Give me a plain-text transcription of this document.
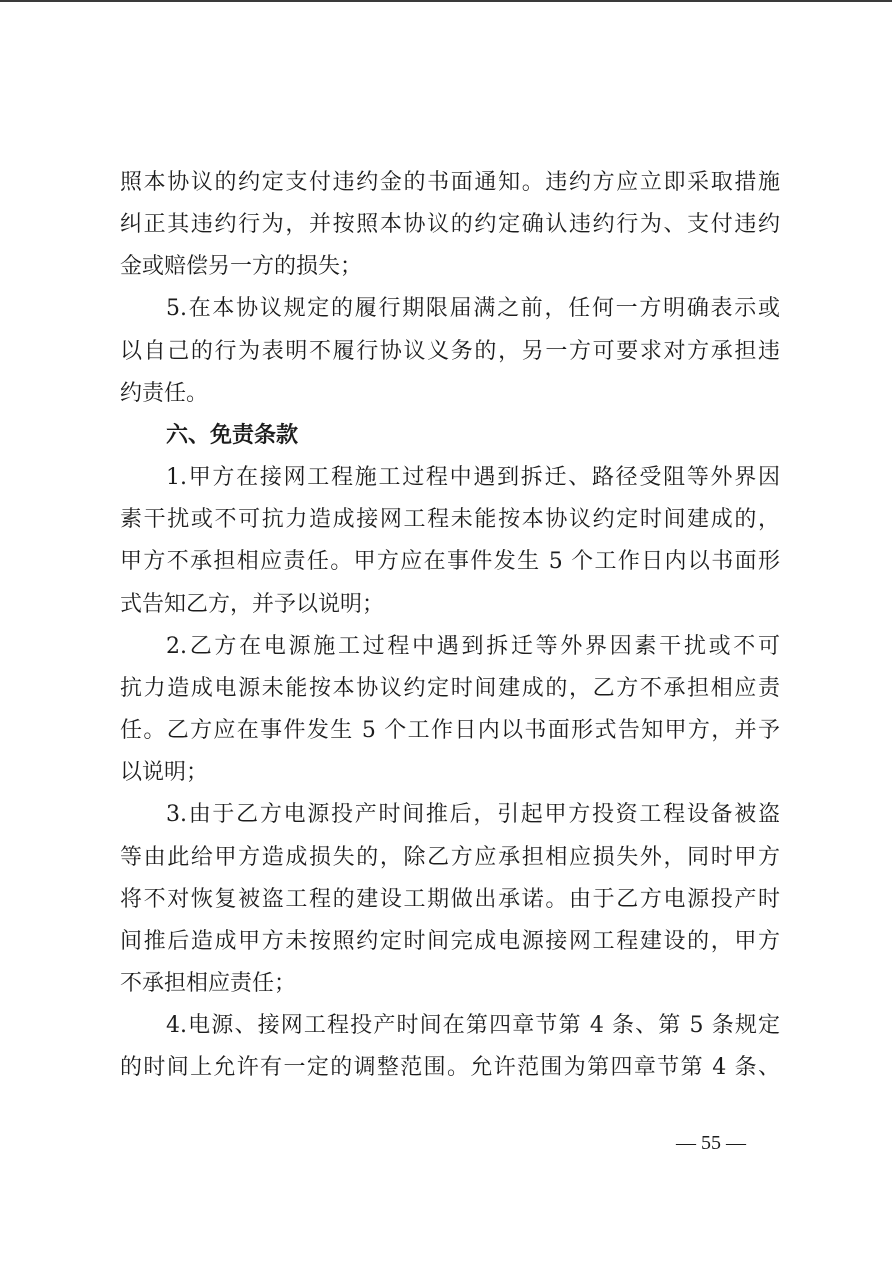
照本协议的约定支付违约金的书面通知。违约方应立即采取措施
纠正其违约行为，并按照本协议的约定确认违约行为、支付违约
金或赔偿另一方的损失；
5.在本协议规定的履行期限届满之前，任何一方明确表示或
以自己的行为表明不履行协议义务的，另一方可要求对方承担违
约责任。
六、免责条款
1.甲方在接网工程施工过程中遇到拆迁、路径受阻等外界因
素干扰或不可抗力造成接网工程未能按本协议约定时间建成的，
甲方不承担相应责任。甲方应在事件发生 5 个工作日内以书面形
式告知乙方，并予以说明；
2.乙方在电源施工过程中遇到拆迁等外界因素干扰或不可
抗力造成电源未能按本协议约定时间建成的，乙方不承担相应责
任。乙方应在事件发生 5 个工作日内以书面形式告知甲方，并予
以说明；
3.由于乙方电源投产时间推后，引起甲方投资工程设备被盗
等由此给甲方造成损失的，除乙方应承担相应损失外，同时甲方
将不对恢复被盗工程的建设工期做出承诺。由于乙方电源投产时
间推后造成甲方未按照约定时间完成电源接网工程建设的，甲方
不承担相应责任；
4.电源、接网工程投产时间在第四章节第 4 条、第 5 条规定
的时间上允许有一定的调整范围。允许范围为第四章节第 4 条、
— 55 —
